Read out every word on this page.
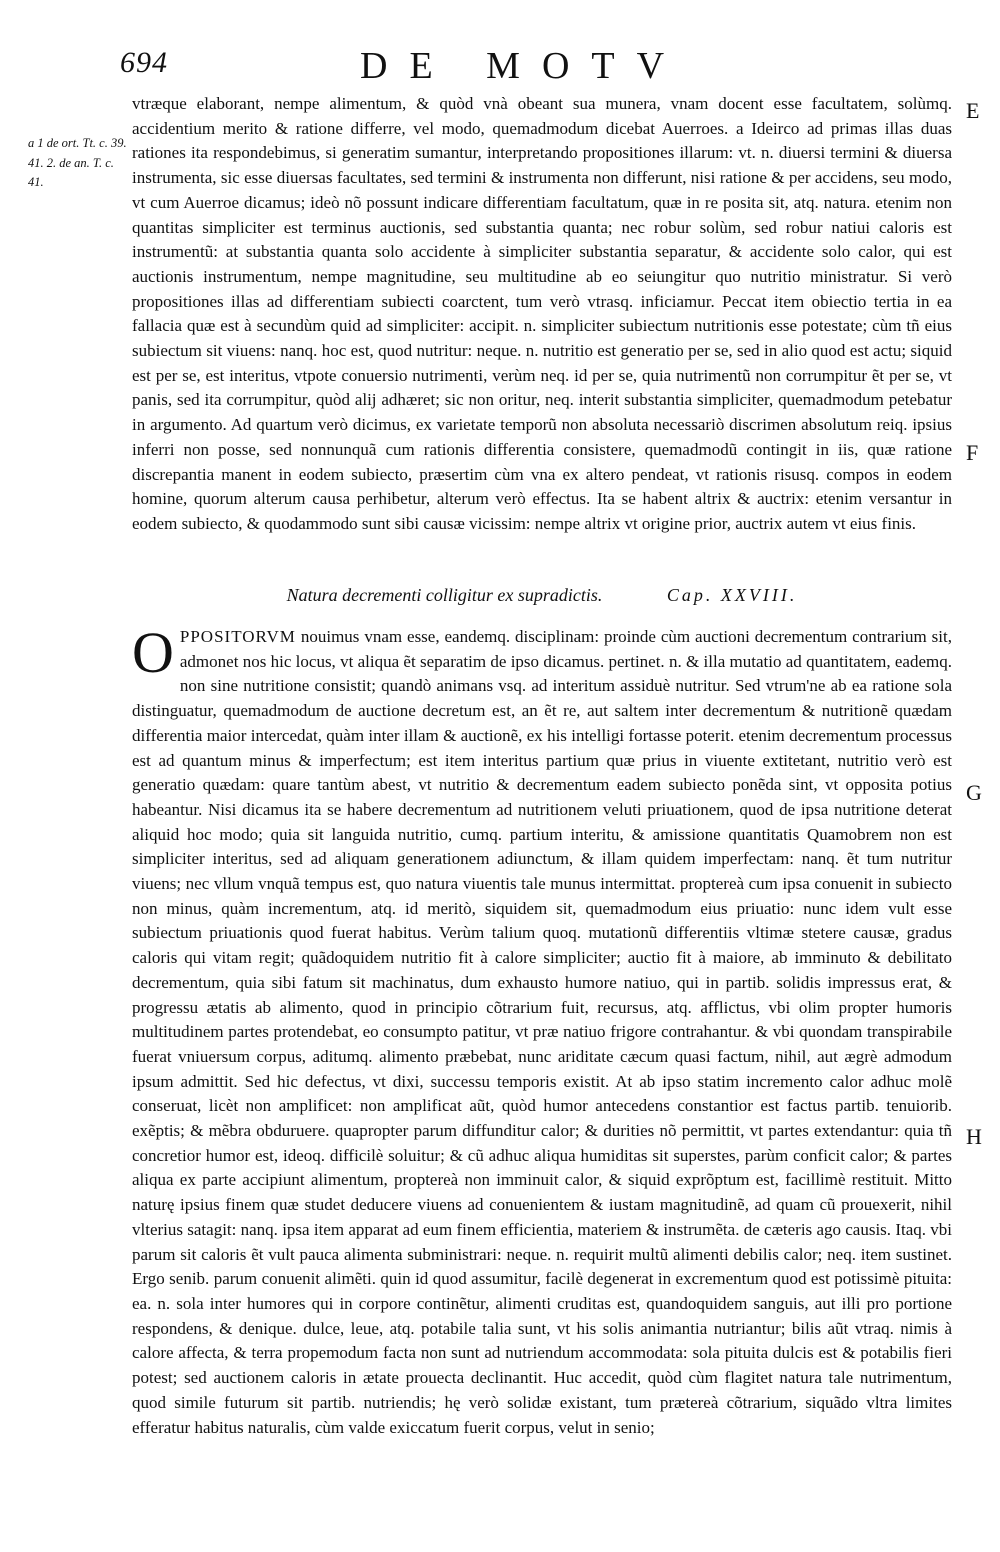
694	DE MOTV
a 1 de ort. Tt. c. 39. 41. 2. de an. T. c. 41.
E
F
G
H
vtræque elaborant, nempe alimentum, & quòd vnà obeant sua munera, vnam docent esse facultatem, solùmq. accidentium merito & ratione differre, vel modo, quemadmodum dicebat Auerroes. a Ideirco ad primas illas duas rationes ita respondebimus, si generatim sumantur, interpretando propositiones illarum: vt. n. diuersi termini & diuersa instrumenta, sic esse diuersas facultates, sed termini & instrumenta non differunt, nisi ratione & per accidens, seu modo, vt cum Auerroe dicamus; ideò nõ possunt indicare differentiam facultatum, quæ in re posita sit, atq. natura. etenim non quantitas simpliciter est terminus auctionis, sed substantia quanta; nec robur solùm, sed robur natiui caloris est instrumentũ: at substantia quanta solo accidente à simpliciter substantia separatur, & accidente solo calor, qui est auctionis instrumentum, nempe magnitudine, seu multitudine ab eo seiungitur quo nutritio ministratur. Si verò propositiones illas ad differentiam subiecti coarctent, tum verò vtrasq. inficiamur. Peccat item obiectio tertia in ea fallacia quæ est à secundùm quid ad simpliciter: accipit. n. simpliciter subiectum nutritionis esse potestate; cùm tñ eius subiectum sit viuens: nanq. hoc est, quod nutritur: neque. n. nutritio est generatio per se, sed in alio quod est actu; siquid est per se, est interitus, vtpote conuersio nutrimenti, verùm neq. id per se, quia nutrimentũ non corrumpitur ẽt per se, vt panis, sed ita corrumpitur, quòd alij adhæret; sic non oritur, neq. interit substantia simpliciter, quemadmodum petebatur in argumento. Ad quartum verò dicimus, ex varietate temporũ non absoluta necessariò discrimen absolutum reiq. ipsius inferri non posse, sed nonnunquã cum rationis differentia consistere, quemadmodũ contingit in iis, quæ ratione discrepantia manent in eodem subiecto, præsertim cùm vna ex altero pendeat, vt rationis risusq. compos in eodem homine, quorum alterum causa perhibetur, alterum verò effectus. Ita se habent altrix & auctrix: etenim versantur in eodem subiecto, & quodammodo sunt sibi causæ vicissim: nempe altrix vt origine prior, auctrix autem vt eius finis.
Natura decrementi colligitur ex supradictis.	Cap. XXVIII.
OPPOSITORVM nouimus vnam esse, eandemq. disciplinam: proinde cùm auctioni decrementum contrarium sit, admonet nos hic locus, vt aliqua ẽt separatim de ipso dicamus. pertinet. n. & illa mutatio ad quantitatem, eademq. non sine nutritione consistit; quandò animans vsq. ad interitum assiduè nutritur. Sed vtrum'ne ab ea ratione sola distinguatur, quemadmodum de auctione decretum est, an ẽt re, aut saltem inter decrementum & nutritionẽ quædam differentia maior intercedat, quàm inter illam & auctionẽ, ex his intelligi fortasse poterit. etenim decrementum processus est ad quantum minus & imperfectum; est item interitus partium quæ prius in viuente extitetant, nutritio verò est generatio quædam: quare tantùm abest, vt nutritio & decrementum eadem subiecto ponẽda sint, vt opposita potius habeantur. Nisi dicamus ita se habere decrementum ad nutritionem veluti priuationem, quod de ipsa nutritione deterat aliquid hoc modo; quia sit languida nutritio, cumq. partium interitu, & amissione quantitatis Quamobrem non est simpliciter interitus, sed ad aliquam generationem adiunctum, & illam quidem imperfectam: nanq. ẽt tum nutritur viuens; nec vllum vnquã tempus est, quo natura viuentis tale munus intermittat. proptereà cum ipsa conuenit in subiecto non minus, quàm incrementum, atq. id meritò, siquidem sit, quemadmodum eius priuatio: nunc idem vult esse subiectum priuationis quod fuerat habitus. Verùm talium quoq. mutationũ differentiis vltimæ stetere causæ, gradus caloris qui vitam regit; quãdoquidem nutritio fit à calore simpliciter; auctio fit à maiore, ab imminuto & debilitato decrementum, quia sibi fatum sit machinatus, dum exhausto humore natiuo, qui in partib. solidis impressus erat, & progressu ætatis ab alimento, quod in principio cõtrarium fuit, recursus, atq. afflictus, vbi olim propter humoris multitudinem partes protendebat, eo consumpto patitur, vt præ natiuo frigore contrahantur. & vbi quondam transpirabile fuerat vniuersum corpus, aditumq. alimento præbebat, nunc ariditate cæcum quasi factum, nihil, aut ægrè admodum ipsum admittit. Sed hic defectus, vt dixi, successu temporis existit. At ab ipso statim incremento calor adhuc molẽ conseruat, licèt non amplificet: non amplificat aũt, quòd humor antecedens constantior est factus partib. tenuiorib. exẽptis; & mẽbra obduruere. quapropter parum diffunditur calor; & durities nõ permittit, vt partes extendantur: quia tñ concretior humor est, ideoq. difficilè soluitur; & cũ adhuc aliqua humiditas sit superstes, parùm conficit calor; & partes aliqua ex parte accipiunt alimentum, proptereà non imminuit calor, & siquid exprõptum est, facillimè restituit. Mitto naturę ipsius finem quæ studet deducere viuens ad conuenientem & iustam magnitudinẽ, ad quam cũ prouexerit, nihil vlterius satagit: nanq. ipsa item apparat ad eum finem efficientia, materiem & instrumẽta. de cæteris ago causis. Itaq. vbi parum sit caloris ẽt vult pauca alimenta subministrari: neque. n. requirit multũ alimenti debilis calor; neq. item sustinet. Ergo senib. parum conuenit alimẽti. quin id quod assumitur, facilè degenerat in excrementum quod est potissimè pituita: ea. n. sola inter humores qui in corpore continẽtur, alimenti cruditas est, quandoquidem sanguis, aut illi pro portione respondens, & denique. dulce, leue, atq. potabile talia sunt, vt his solis animantia nutriantur; bilis aũt vtraq. nimis à calore affecta, & terra propemodum facta non sunt ad nutriendum accommodata: sola pituita dulcis est & potabilis fieri potest; sed auctionem caloris in ætate prouecta declinantit. Huc accedit, quòd cùm flagitet natura tale nutrimentum, quod simile futurum sit partib. nutriendis; hę verò solidæ existant, tum prætereà cõtrarium, siquãdo vltra limites efferatur habitus naturalis, cùm valde exiccatum fuerit corpus, velut in senio;
